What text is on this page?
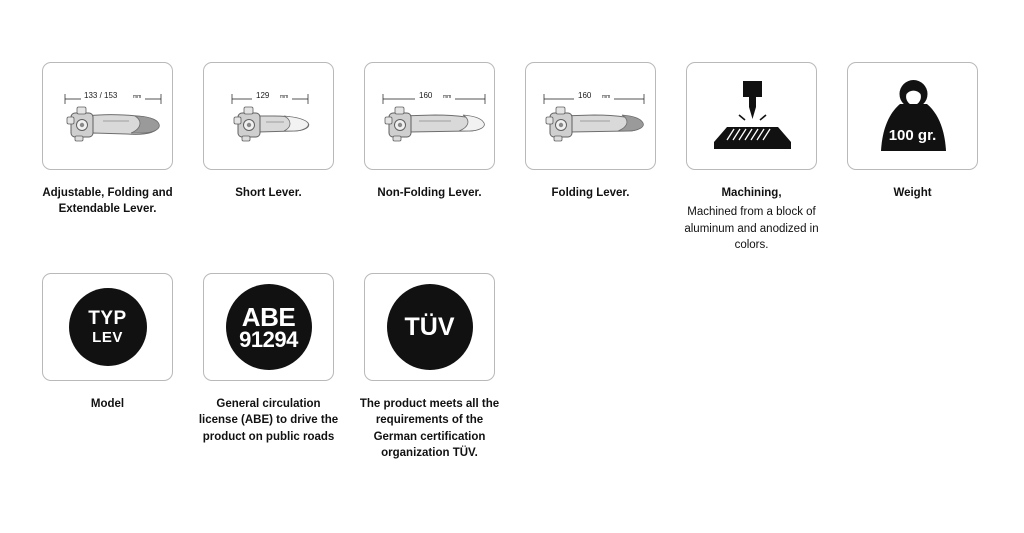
133 / 153	mm
Adjustable, Folding and Extendable Lever.
129 mm
Short Lever.
160 mm
Non-Folding Lever.
160 mm
Folding Lever.	Machining,
Machined from a block of aluminum and anodized in colors.
100 gr.
Weight
TYP
LEV
Model
ABE
91294
General circulation license (ABE) to drive the product on public roads
TÜV
The product meets all the requirements of the German certification organization TÜV.
